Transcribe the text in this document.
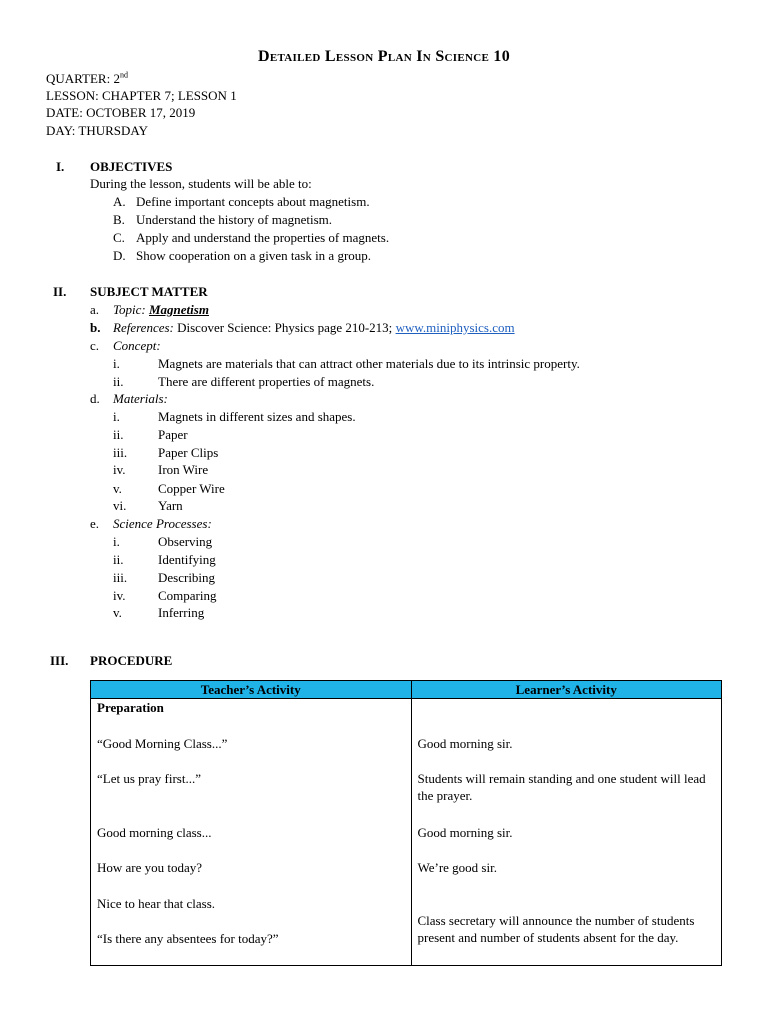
Detailed Lesson Plan In Science 10
QUARTER: 2nd
LESSON: CHAPTER 7; LESSON 1
DATE: OCTOBER 17, 2019
DAY: THURSDAY
I. OBJECTIVES
During the lesson, students will be able to:
A. Define important concepts about magnetism.
B. Understand the history of magnetism.
C. Apply and understand the properties of magnets.
D. Show cooperation on a given task in a group.
II. SUBJECT MATTER
a. Topic: Magnetism
b. References: Discover Science: Physics page 210-213; www.miniphysics.com
c. Concept:
i.	Magnets are materials that can attract other materials due to its intrinsic property.
ii.	There are different properties of magnets.
d. Materials:
i.	Magnets in different sizes and shapes.
ii.	Paper
iii. Paper Clips
iv. Iron Wire
v.	Copper Wire
vi. Yarn
e. Science Processes:
i.	Observing
ii.	Identifying
iii. Describing
iv. Comparing
v.	Inferring
III. PROCEDURE
Teacher’s Activity	Learner’s Activity

Preparation	

“Good Morning Class...”	Good morning sir.

“Let us pray first...”	Students will remain standing and one student will lead the prayer.

Good morning class...	Good morning sir.

How are you today?	We’re good sir.

Nice to hear that class.
“Is there any absentees for today?”	Class secretary will announce the number of students present and number of students absent for the day.
